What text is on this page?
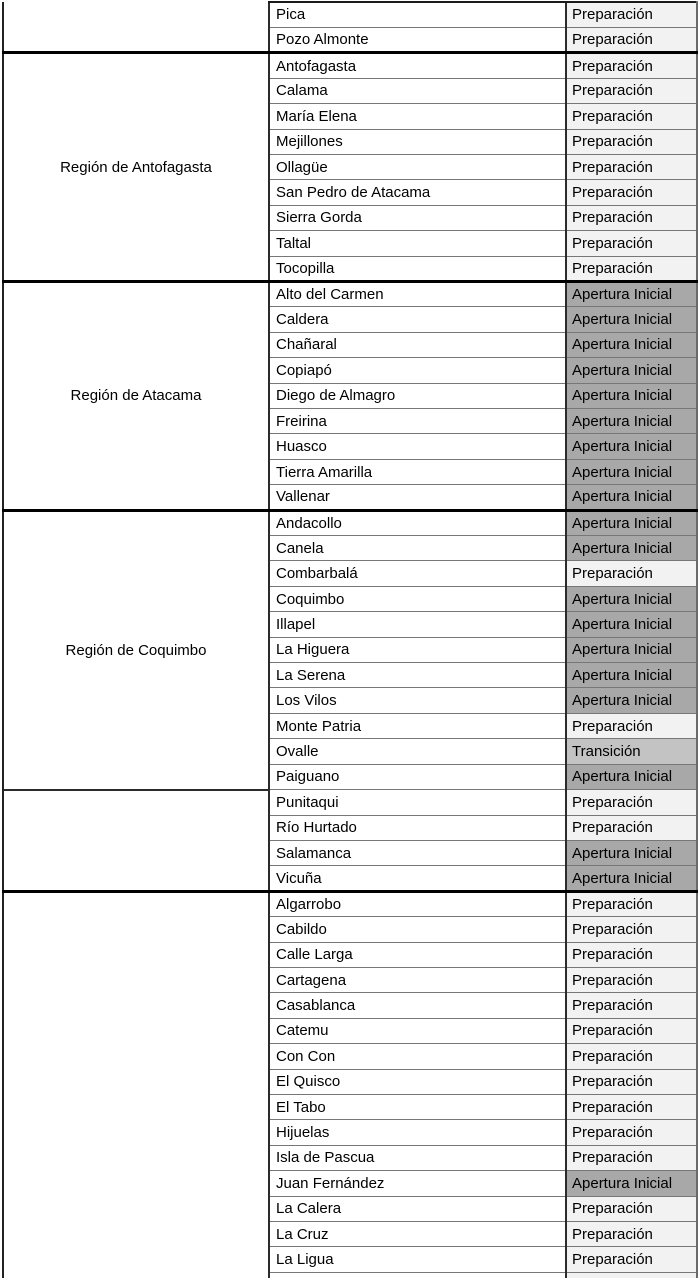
	Pica	Preparación
	Pozo Almonte	Preparación
Región de Antofagasta	Antofagasta	Preparación
	Calama	Preparación
	María Elena	Preparación
	Mejillones	Preparación
	Ollagüe	Preparación
	San Pedro de Atacama	Preparación
	Sierra Gorda	Preparación
	Taltal	Preparación
	Tocopilla	Preparación
Región de Atacama	Alto del Carmen	Apertura Inicial
	Caldera	Apertura Inicial
	Chañaral	Apertura Inicial
	Copiapó	Apertura Inicial
	Diego de Almagro	Apertura Inicial
	Freirina	Apertura Inicial
	Huasco	Apertura Inicial
	Tierra Amarilla	Apertura Inicial
	Vallenar	Apertura Inicial
Región de Coquimbo	Andacollo	Apertura Inicial
	Canela	Apertura Inicial
	Combarbalá	Preparación
	Coquimbo	Apertura Inicial
	Illapel	Apertura Inicial
	La Higuera	Apertura Inicial
	La Serena	Apertura Inicial
	Los Vilos	Apertura Inicial
	Monte Patria	Preparación
	Ovalle	Transición
	Paiguano	Apertura Inicial
	Punitaqui	Preparación
	Río Hurtado	Preparación
	Salamanca	Apertura Inicial
	Vicuña	Apertura Inicial
	Algarrobo	Preparación
	Cabildo	Preparación
	Calle Larga	Preparación
	Cartagena	Preparación
	Casablanca	Preparación
	Catemu	Preparación
	Con Con	Preparación
	El Quisco	Preparación
	El Tabo	Preparación
	Hijuelas	Preparación
	Isla de Pascua	Preparación
	Juan Fernández	Apertura Inicial
	La Calera	Preparación
	La Cruz	Preparación
	La Ligua	Preparación
